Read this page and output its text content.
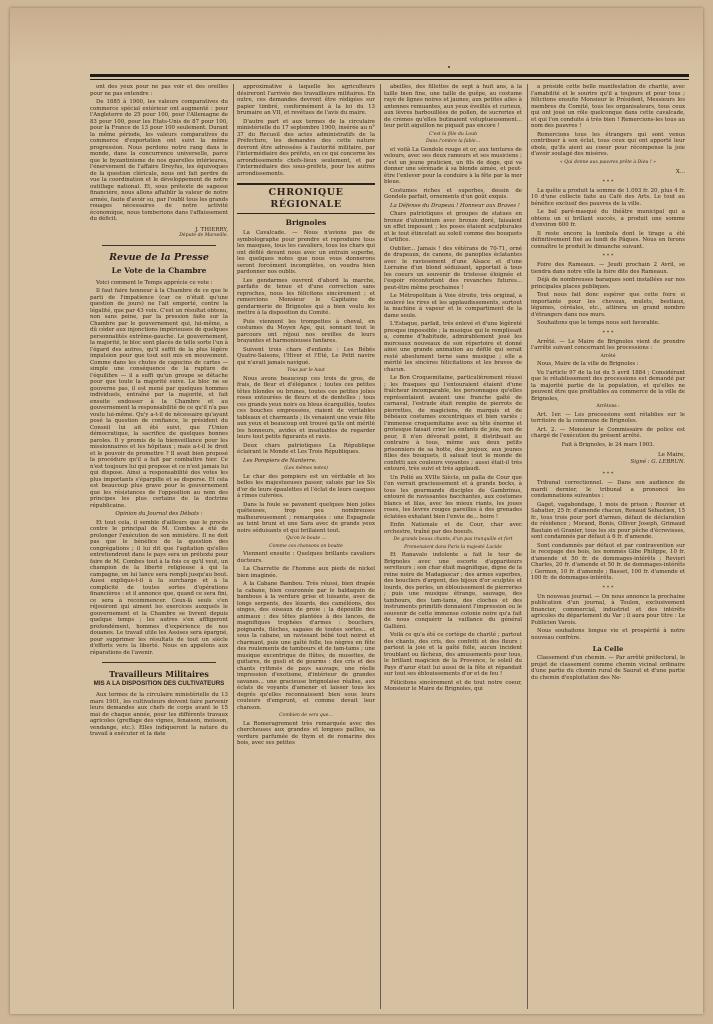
ont des yeux pour ne pas voir et des oreilles pour ne pas entendre :

De 1885 à 1900, les valeurs comparatives du commerce spécial extérieur ont augmenté : pour l'Angleterre de 25 pour 100, pour l'Allemagne de 83 pour 100, pour les Etats-Unis de 87 pour 100, pour la France de 13 pour 100 seulement. Durant la même période, les valeurs comparatives du commerce d'exportation ont suivi la même progression. Nous perdons notre rang dans le monde, dans la concurrence universelle, parce que le byzantinisme de nos querelles intérieures, l'énervement de l'affaire Dreyfus, les équivoques de la question cléricale, nous ont fait perdre de vue la coordination et le développement de notre outillage national. Et, sous prétexte de sagesse financière, nous allons affaiblir la valeur de notre armée, faute d'avoir su, par l'oubli tous les grands rouages nécessaires de notre activité économique, nous tomberions dans l'affaissement du déficit.

J. THIERRY,
Député de Marseille.
Revue de la Presse
Le Vote de la Chambre

Voici comment le Temps apprécie ce vote :

Il faut faire honneur à la Chambre de ce que le parti de l'impatience (car ce n'était qu'une question de jours) ne l'ait emporté, contre la légalité, que par 43 voix. C'est un résultat obtenu, non sans peine, par la pression faite sur la Chambre par le gouvernement qui, lui-même, a dû céder aux injonctions impérieuses de quelques personnalités extrême-gauche. Le gouvernement, la majorité, le bloc sont placés de telle sorte l'un à l'égard des autres, qu'il suffit de la plus légère impulsion pour que tout soit mis en mouvement. Comme dans les chutes de capucins de cartes — simple une conséquence de la rupture de l'équilibre — il a suffi qu'un groupe se détache pour que toute la majorité suive. Le bloc ne se gouverne pas, il est mené par quelques hommes individuels, entraîné par la majorité, et fait ensuite endosser à la Chambre et au gouvernement la responsabilité de ce qu'il n'a pas voulu lui-même. Qu'y a-t-il de nécessaire qu'ayant posé la question de confiance, le président du Conseil lui ait été suivi, que l'Union démocratique, la sacrifice de quelques bonnes paroles. Il y promis de la bienveillance pour les missionnaires et les hôpitaux ; mais a-t-il le droit et le pouvoir de promettre ? Il avait bien proposé la procédure qu'il a fait par combattre hier. Ce n'est toujours lui qui propose et ce n'est jamais lui qui dispose. Ainsi a responsabilité des votes les plus importants s'éparpille et se disperse. Et cela est beaucoup plus grave pour le gouvernement que les résistances de l'opposition au nom des principes les plus certains de la doctrine républicaine.

Opinion du Journal des Débats :

Et tout cela, il semble d'ailleurs que le procès contre le principal de M. Combes a été de prolonger l'exécution de son ministère. Il ne doit pas que le bénéfice de la question des congrégations ; il lui dit que l'agitation qu'elles entretiendront dans le pays sera un prétexte pour faire de M. Combes tout à la fois ce qu'il veut, un champion de la liberté religieuse à qui la campagne, on lui lance sera rempli jusqu'au bout. Aussi explique-t-il à la surcharge et à la complicité de toutes sortes d'opérations financières : et il annonce que, quand ce sera fini, ce sera à recommencer. Ceux-là seuls s'en réjouiront qui aiment les exercices auxquels le gouvernement et la Chambre se livrent depuis quelque temps ; les autres s'en affligeront profondément, hommes d'expérience de nos douanes. Le travail utile les Assises sera épargné, pour supprimer les résultats de tout un siècle d'efforts vers la liberté. Nous en appelons aux réparations de l'avenir.

Travailleurs Militaires
MIS A LA DISPOSITION DES CULTIVATEURS

Aux termes de la circulaire ministérielle du 13 mars 1901, les cultivateurs doivent faire parvenir leurs demandes aux chefs de corps avant le 15 mai de chaque année, pour les différents travaux agricoles (greffage des vignes, fenaison, moisson, vendange, etc.). Elles indiqueront la nature du travail à exécuter et la date

approximative à laquelle les agriculteurs désireront l'arrivée des travailleurs militaires. En outre, ces demandes devront être rédigées sur papier timbré, conformément à la loi du 13 brumaire an VII, et revêtues de l'avis du maire.

D'autre part et aux termes de la circulaire ministérielle du 17 septembre 1900, insérée au n° 37 du Recueil des actes administratifs de la Préfecture, les demandes des cette nature devront être adressées à l'autorité militaire, par l'intermédiaire des préfets, en ce qui concerne les arrondissements chefs-lieux seulement, et par l'intermédiaire des sous-préfets, pour les autres arrondissements.

CHRONIQUE RÉGIONALE
Brignoles

La Cavalcade. — Nous n'avions pas de symbolographe pour prendre et reproduire tous les masques, tous les cavaliers, tous les chars qui ont défilé devant nous avec un entrain superbe, les quelques notes que nous vous donnerons seront forcément incomplètes, on voudra bien pardonner nos oublis.

Les gendarmes ouvrent d'abord la marche, parfaite de tenue et d'une correction sans reproches, nous les félicitons sincèrement ; et remercions Monsieur le Capitaine de gendarmerie de Brignoles qui a bien voulu les mettre à la disposition du Comité.

Puis viennent les trompettes à cheval, en costumes du Moyen Age, qui, sonnant tout le parcours ont réjoui nos oreilles de leurs brayantes et harmonieuses fanfares.

Suivent trois chars d'enfants : Les Bébés Quatre-Saisons, l'Hiver et l'Eté, Le Petit navire qui n'avait jamais navigué.

Tous par le haut

Nous avons beaucoup ces trois de gros, de frais, de fleur et d'élégance ; toutes ces petites têtes blondes ou brunes, toutes ces petites jolies roses entourées de fleurs et de dentelles ; tous ces grands yeux noirs ou bleus écarquillés, toutes ces bouches empressées, riaient de véritables tableaux et charmants ; ils venaient une vraie fête aux yeux et beaucoup ont trouvé qu'ils ont mérité les honneurs, avides et insatiables de regarder leurs tout petits figurants et ravis.

Deux chars patriotiques La République éclairant le Monde et Les Trois Républiques.

Les Pompiers de Nanterre.

(Les mêmes notes)

Le char des pompiers est un véritable et les belles les majestueuses passer, salués par les Sis d'or de leurs épaulettes et l'éclat de leurs casques à rimes culvrées.

Dans la foule se pavanent quelques bien jolies quêteuses, trop peu nombreuses malheureusement ; remarquées : une Espagnole au teint bruni et une Sara avec de grands yeux noirs séduisants et qui brillaient tout.

Qu'on le boute ...

Comme ces chansons on boutte

Viennent ensuite : Quelques brillants cavaliers ducteurs.

La Charrette de l'homme aux pieds de nickel bien imaginée.

A la Cabane Bambou. Très réussi, bien drapée la cabane, bien couronnée par le baldaquin de bambous à la verdure grise et luisante, avec de longs serpents, des lézards, des caméléons, des singes, des oiseaux de proie ; la dépouille des animaux : des têtes plantées à des lances, de magnifiques trophées d'armes : boucliers, poignards, flèches, sagaies de toutes sortes... et sous la cabane, un ravissant bébé tout noiret et charmant, puis une gaîté folle, les nègres en fête des roulements de tambours et de tam-tams ; une musique excentrique de flûtes, de musettes, de guitares, de gusli et de gourms : des cris et des chants rythmés de pays sauvage, une réelle impression d'exotisme, d'intérieur de grandes savanes... une gracieuse brignolaise réalise, aux éclats de voyants d'amener et laisser tous les degrés qu'elles reconnaissent bien sous leurs couleurs d'emprunt, et comme devait leur chanson.

Combien de vers que...

La Romeragrement très remarquée avec des chercheuses aux grandes et longues pailles, sa verdure parfumée de thym et de romarins des bois, avec ses petites

abeilles, des fillettes de sept à huit ans, à la taille bien fine, une taille de guêpe, au costume rayé de lignes noires et jaunes, aux petites ailes à antennes remuantes, aux yeux éveillés et curieux, aux lèvres barbouillées de pollen, de sucreries et de crèmes qu'elles butinaient voluptueusement... leur petit aiguillon ne piquait pas encore !

C'est la fille du Loub

Dans l'ombre la fable...

et voilà La Gondole rouge et or, aux tentures de velours, avec ses deux rameurs et ses musiciens ; c'est un jeune praticien, un fils de doge, qui va donner une sérénade à sa blonde aimée, et peut-être l'enlever pour la conduire à la fête par la mer bleue.

Costumes riches et superbes, dessin de Gondole parfait, ornements d'un goût exquis.

La Défense du Drapeau ! Honneur aux Braves !

Chars patriotiques et groupes de statues en bronze d'aluminium avec bronze doré, faisaient un effet imposant ; les poses étaient sculpturales et le tout étincelait au soleil comme des bouquets d'artifice.

Oublier... Jamais ! des vétérans de 70-71, orné de drapeaux, de canons, de panoplies éclatantes avec le ravissement d'une Alsace et d'une Lorraine d'un blond séduisant, apportait à tous les coeurs un souvenir de tristesse éloignée et l'espoir réconfortant des revanches futures... peut-être même prochaines !

Le Métropolitain à Voie étroite, très original, a soulevé les rires et les applaudissements, surtout la machine à vapeur et le compartiment de la dame seule.

L'Estaque, parfait, très enlevé et d'une légèreté presque impossible ; la musique qui le remplissait a, comme d'habitude, admirablement joué les morceaux nouveaux de son répertoire et donné ainsi une grande animation au défilé qui serait resté absolument terne sans musique ; elle a mérité les sincères félicitations et les bravos de chacun.

Le Bon Croquemitaine, particulièrement réussi ; les frasques qui l'entouraient étaient d'une fraîcheur incomparable, les personnages qu'elles représentaient avaient une franche gaîté de carnaval, l'estrade était remplie de pierrots de pierrettes, de magiciens, de marquis et de bébéaux costumes excentriques et bien variés ; l'immense croquemitaine avec sa tête énorme et grotesque faisait crier les enfants de joie, non de peur, il n'en dévorait point, il distribuait au contraire à tous, même aux deux petits prisonniers de sa hotte, des joujoux, aux jeunes filles des bouquets, il saluait tout le monde de confetti aux couleurs voyantes ; aussi était-il très entouré, très suivi et très applaudi.

Un Pollé au XVIIe Siècle, un palla de Cour que l'on verrait gracieusement et à grands bocks, à tous les gourmands disciples de Gambrinus, entouré de ravissantes bacchantes, aux costumes blancs et lilas, avec les mieux riants, les joues roses, les lèvres rouges pareilles à des grenades éclatées exhalant bien l'envie de... boire !

Enfin Nationale et de Cour, char avec orchestre, traîné par des boeufs.

De grands beaux chants, d'un pas tranquille et fort

Promenaient dans Paris la majesté Lucide

Et Ranavalo indolente a fait le tour de Brignoles avec une escorte d'appariteurs serviteurs ; son char était magnifique, digne de la reine noire de Madagascar ; des armes superbes, des boucliers d'argent, des bijoux d'or sculptés et lourds, des perles, un éblouissement de pierreries ; puis une musique étrange, sauvage, des tambours, des tam-tams, des cloches et des instruments primitifs donnaient l'impression ou le souvenir de cette immense colonie noire qu'a fait de nous conquérir la vaillance du général Galliéni.

Voilà ce qu'a été ce cortège de charité ; partout des chants, des cris, des confetti et des fleurs ; partout la joie et la gaîté folle, aucun incident troublant ou fâcheux, des amusements pour tous, le brillant magicien de la Provence, le soleil du Pays d'azur était lui aussi de la fête et répandait sur tout ses éblouissements d'or et de feu !

Félicitons sincèrement et de tout notre coeur, Monsieur le Maire de Brignoles, qui

a présidé cette belle manifestation de charité, avec l'amabilité et le sourire qu'il a toujours et pour tous ; félicitons ensuite Monsieur le Président, Messieurs les membres du Comité, tous les organisateurs, tous ceux qui ont joué un rôle quelconque dans cette cavalcade, et qui l'on conduite à très bien ! Remercions-les tous au nom des pauvres !

Remercions tous les étrangers qui sont venus contribuer à son éclat, tous ceux qui ont apporté leur obole, qu'ils aient au coeur pour récompense la joie d'avoir soulagé des misères.

« Qui donne aux pauvres prête à Dieu ! »

X...
* * *

La quête a produit la somme de 1.093 fr. 20, plus 4 fr. 10 d'une collecte faite au Café des Arts. Le tout au bénéfice exclusif des pauvres de la ville.

Le bal paré-masqué du théâtre municipal qui a obtenu un si brillant succès, a produit une somme d'environ 600 fr.

Il reste encore la tombola dont le tirage a été définitivement fixé au lundi de Pâques. Nous en ferons connaître le produit le dimanche suivant.

* * *

Foire des Rameaux. — Jeudi prochain 2 Avril, se tiendra dans notre ville la foire dite des Rameaux.

Déjà de nombreuses baraques sont installées sur nos principales places publiques.

Tout nous fait donc espérer que cette foire si importante pour les chevaux, mulets, bestiaux, légumes, céréales, etc., attirera un grand nombre d'étrangers dans nos murs.

Souhaitons que le temps nous soit favorable.

* * *

Arrêté. — Le Maire de Brignoles vient de prendre l'arrêté suivant concernant les processions :

Arrêté

Nous, Maire de la ville de Brignoles :

Vu l'article 97 de la loi du 5 avril 1884 ; Considérant que le rétablissement des processions est demandé par la majorité partie de la population, et qu'elles ne peuvent être que profitables au commerce de la ville de Brignoles,

Arrêtons :

Art. 1er. — Les processions sont rétablies sur le territoire de la commune de Brignoles.

Art. 2. — Monsieur le Commissaire de police est chargé de l'exécution du présent arrêté.

Fait à Brignoles, le 24 mars 1903.

Le Maire,
Signé : G. LEBRUN.
* * *

Tribunal correctionnel. — Dans son audience de mardi dernier, le tribunal a prononcé les condamnations suivantes :

Gaget, vagabondage, 1 mois de prison ; Rouvier et Sabatier, 25 fr. d'amende chacun, Renaud Sébastien, 15 fr., tous trois pour port d'armes, défaut de déclaration de résidence ; Morand, Bonis, Olliver Joseph, Grimaud Bautain et Granier, tous les six pour pêche d'écrevisses, sont condamnés par défaut à 6 fr. d'amende.

Sont condamnés par défaut et par contravention sur le recepage des bois, les nommés Gibe Philippe, 10 fr. d'amende et 50 fr. de dommages-intérêts ; Revieri Charles, 20 fr. d'amende et 50 fr. de dommages-intérêts ; Germon, 10 fr. d'amende ; Basset, 100 fr. d'amende et 100 fr. de dommages-intérêts.

* * *

Un nouveau journal. — On nous annonce la prochaine publication d'un journal, à Toulon, exclusivement financier, commercial, industriel et des intérêts agricoles du département du Var ; il aura pour titre : Le Publicien Varois.

Nous souhaitons longue vie et prospérité à notre nouveau confrère.

La Celle

Classement d'un chemin. — Par arrêté préfectoral, le projet de classement comme chemin vicinal ordinaire d'une partie du chemin rural de Saurat et d'une partie du chemin d'exploitation des Ne-
